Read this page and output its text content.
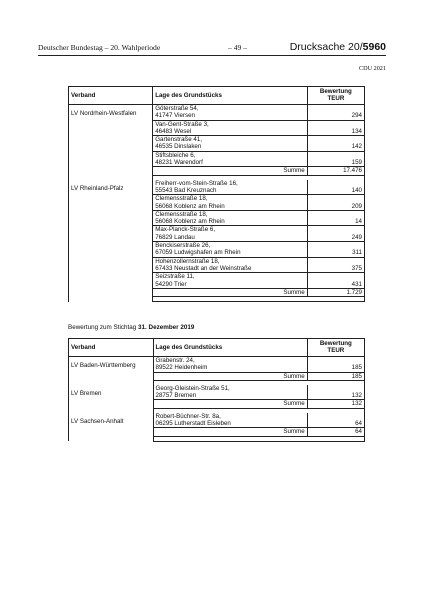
Deutscher Bundestag – 20. Wahlperiode	– 49 –	Drucksache 20/5960
CDU 2021
Verband	Lage des Grundstücks	Bewertung
TEUR
LV Nordrhein-Westfalen	Göterstraße 54,
41747 Viersen	294

	Van-Gent-Straße 3,
46483 Wesel	134

	Gartenstraße 41,
46535 Dinslaken	142

	Stiftsbleiche 6,
48231 Warendorf	159
	Summe	17.476

LV Rheinland-Pfalz	Freiherr-vom-Stein-Straße 16,
55543 Bad Kreuznach	140

	Clemensstraße 18,
56068 Koblenz am Rhein	209

	Clemensstraße 18,
56068 Koblenz am Rhein	14

	Max-Planck-Straße 6,
76829 Landau	249

	Benckiserstraße 26,
67059 Ludwigshafen am Rhein	311

	Hohenzollernstraße 18,
67433 Neustadt an der Weinstraße	375

	Seizstraße 11,
54290 Trier	431
	Summe	1.729

Bewertung zum Stichtag 31. Dezember 2019
Verband	Lage des Grundstücks	Bewertung
TEUR
LV Baden-Württemberg	Grabenstr. 24,
89522 Heidenheim	185
	Summe	185

LV Bremen	Georg-Gleistein-Straße 51,
28757 Bremen	132
	Summe	132

LV Sachsen-Anhalt	Robert-Büchner-Str. 8a,
06295 Lutherstadt Eisleben	64
	Summe	64
